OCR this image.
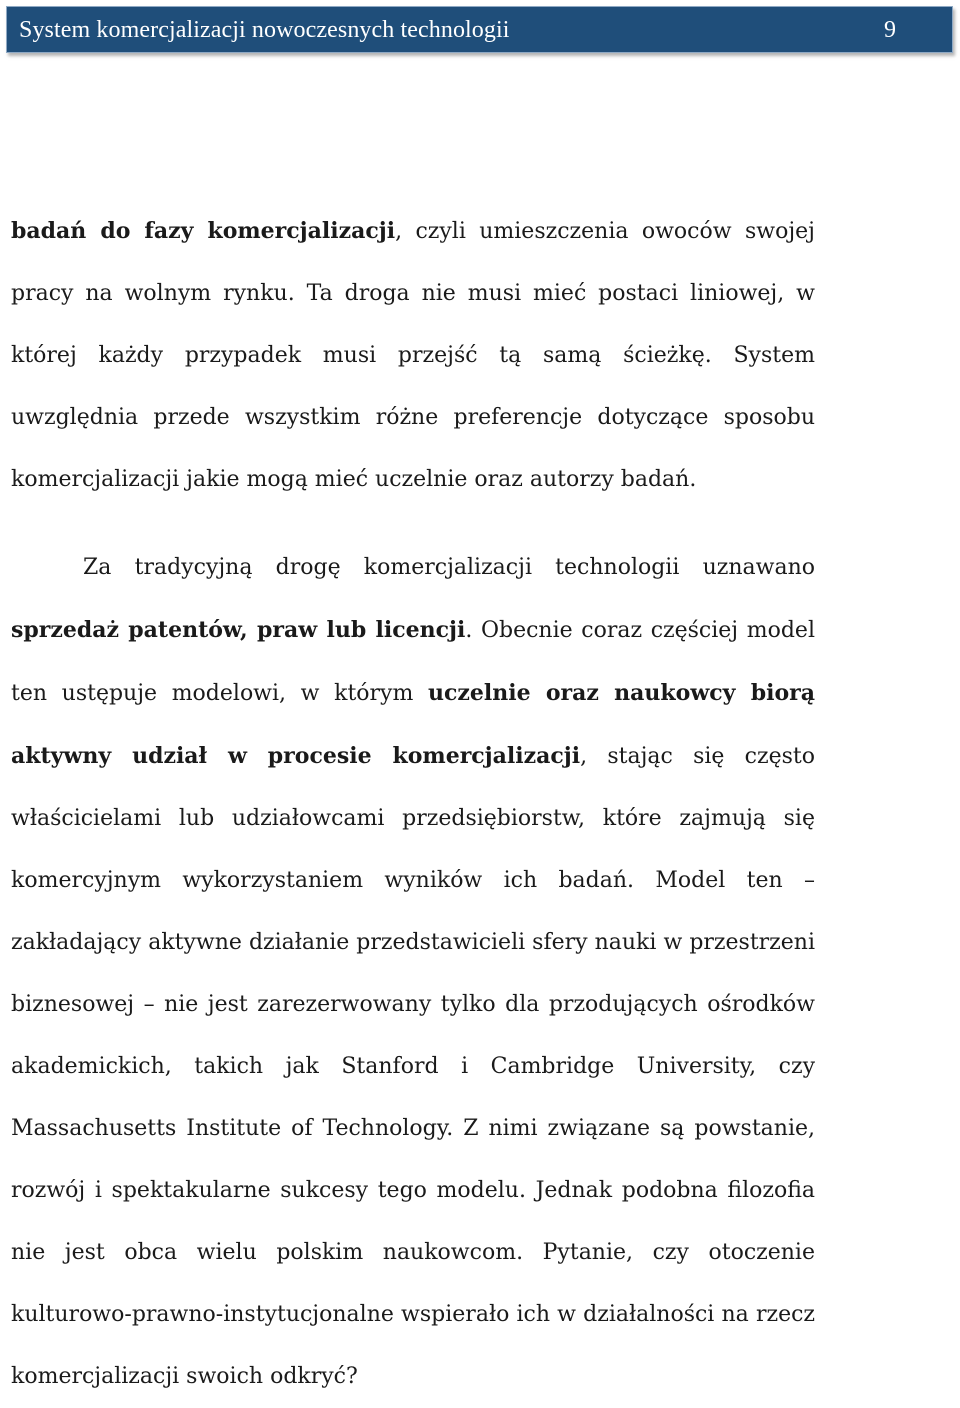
System komercjalizacji nowoczesnych technologii	9

badań do fazy komercjalizacji, czyli umieszczenia owoców swojej pracy na wolnym rynku. Ta droga nie musi mieć postaci liniowej, w której każdy przypadek musi przejść tą samą ścieżkę. System uwzględnia przede wszystkim różne preferencje dotyczące sposobu komercjalizacji jakie mogą mieć uczelnie oraz autorzy badań.

Za tradycyjną drogę komercjalizacji technologii uznawano sprzedaż patentów, praw lub licencji. Obecnie coraz częściej model ten ustępuje modelowi, w którym uczelnie oraz naukowcy biorą aktywny udział w procesie komercjalizacji, stając się często właścicielami lub udziałowcami przedsiębiorstw, które zajmują się komercyjnym wykorzystaniem wyników ich badań. Model ten – zakładający aktywne działanie przedstawicieli sfery nauki w przestrzeni biznesowej – nie jest zarezerwowany tylko dla przodujących ośrodków akademickich, takich jak Stanford i Cambridge University, czy Massachusetts Institute of Technology. Z nimi związane są powstanie, rozwój i spektakularne sukcesy tego modelu. Jednak podobna filozofia nie jest obca wielu polskim naukowcom. Pytanie, czy otoczenie kulturowo-prawno-instytucjonalne wspierało ich w działalności na rzecz komercjalizacji swoich odkryć?
